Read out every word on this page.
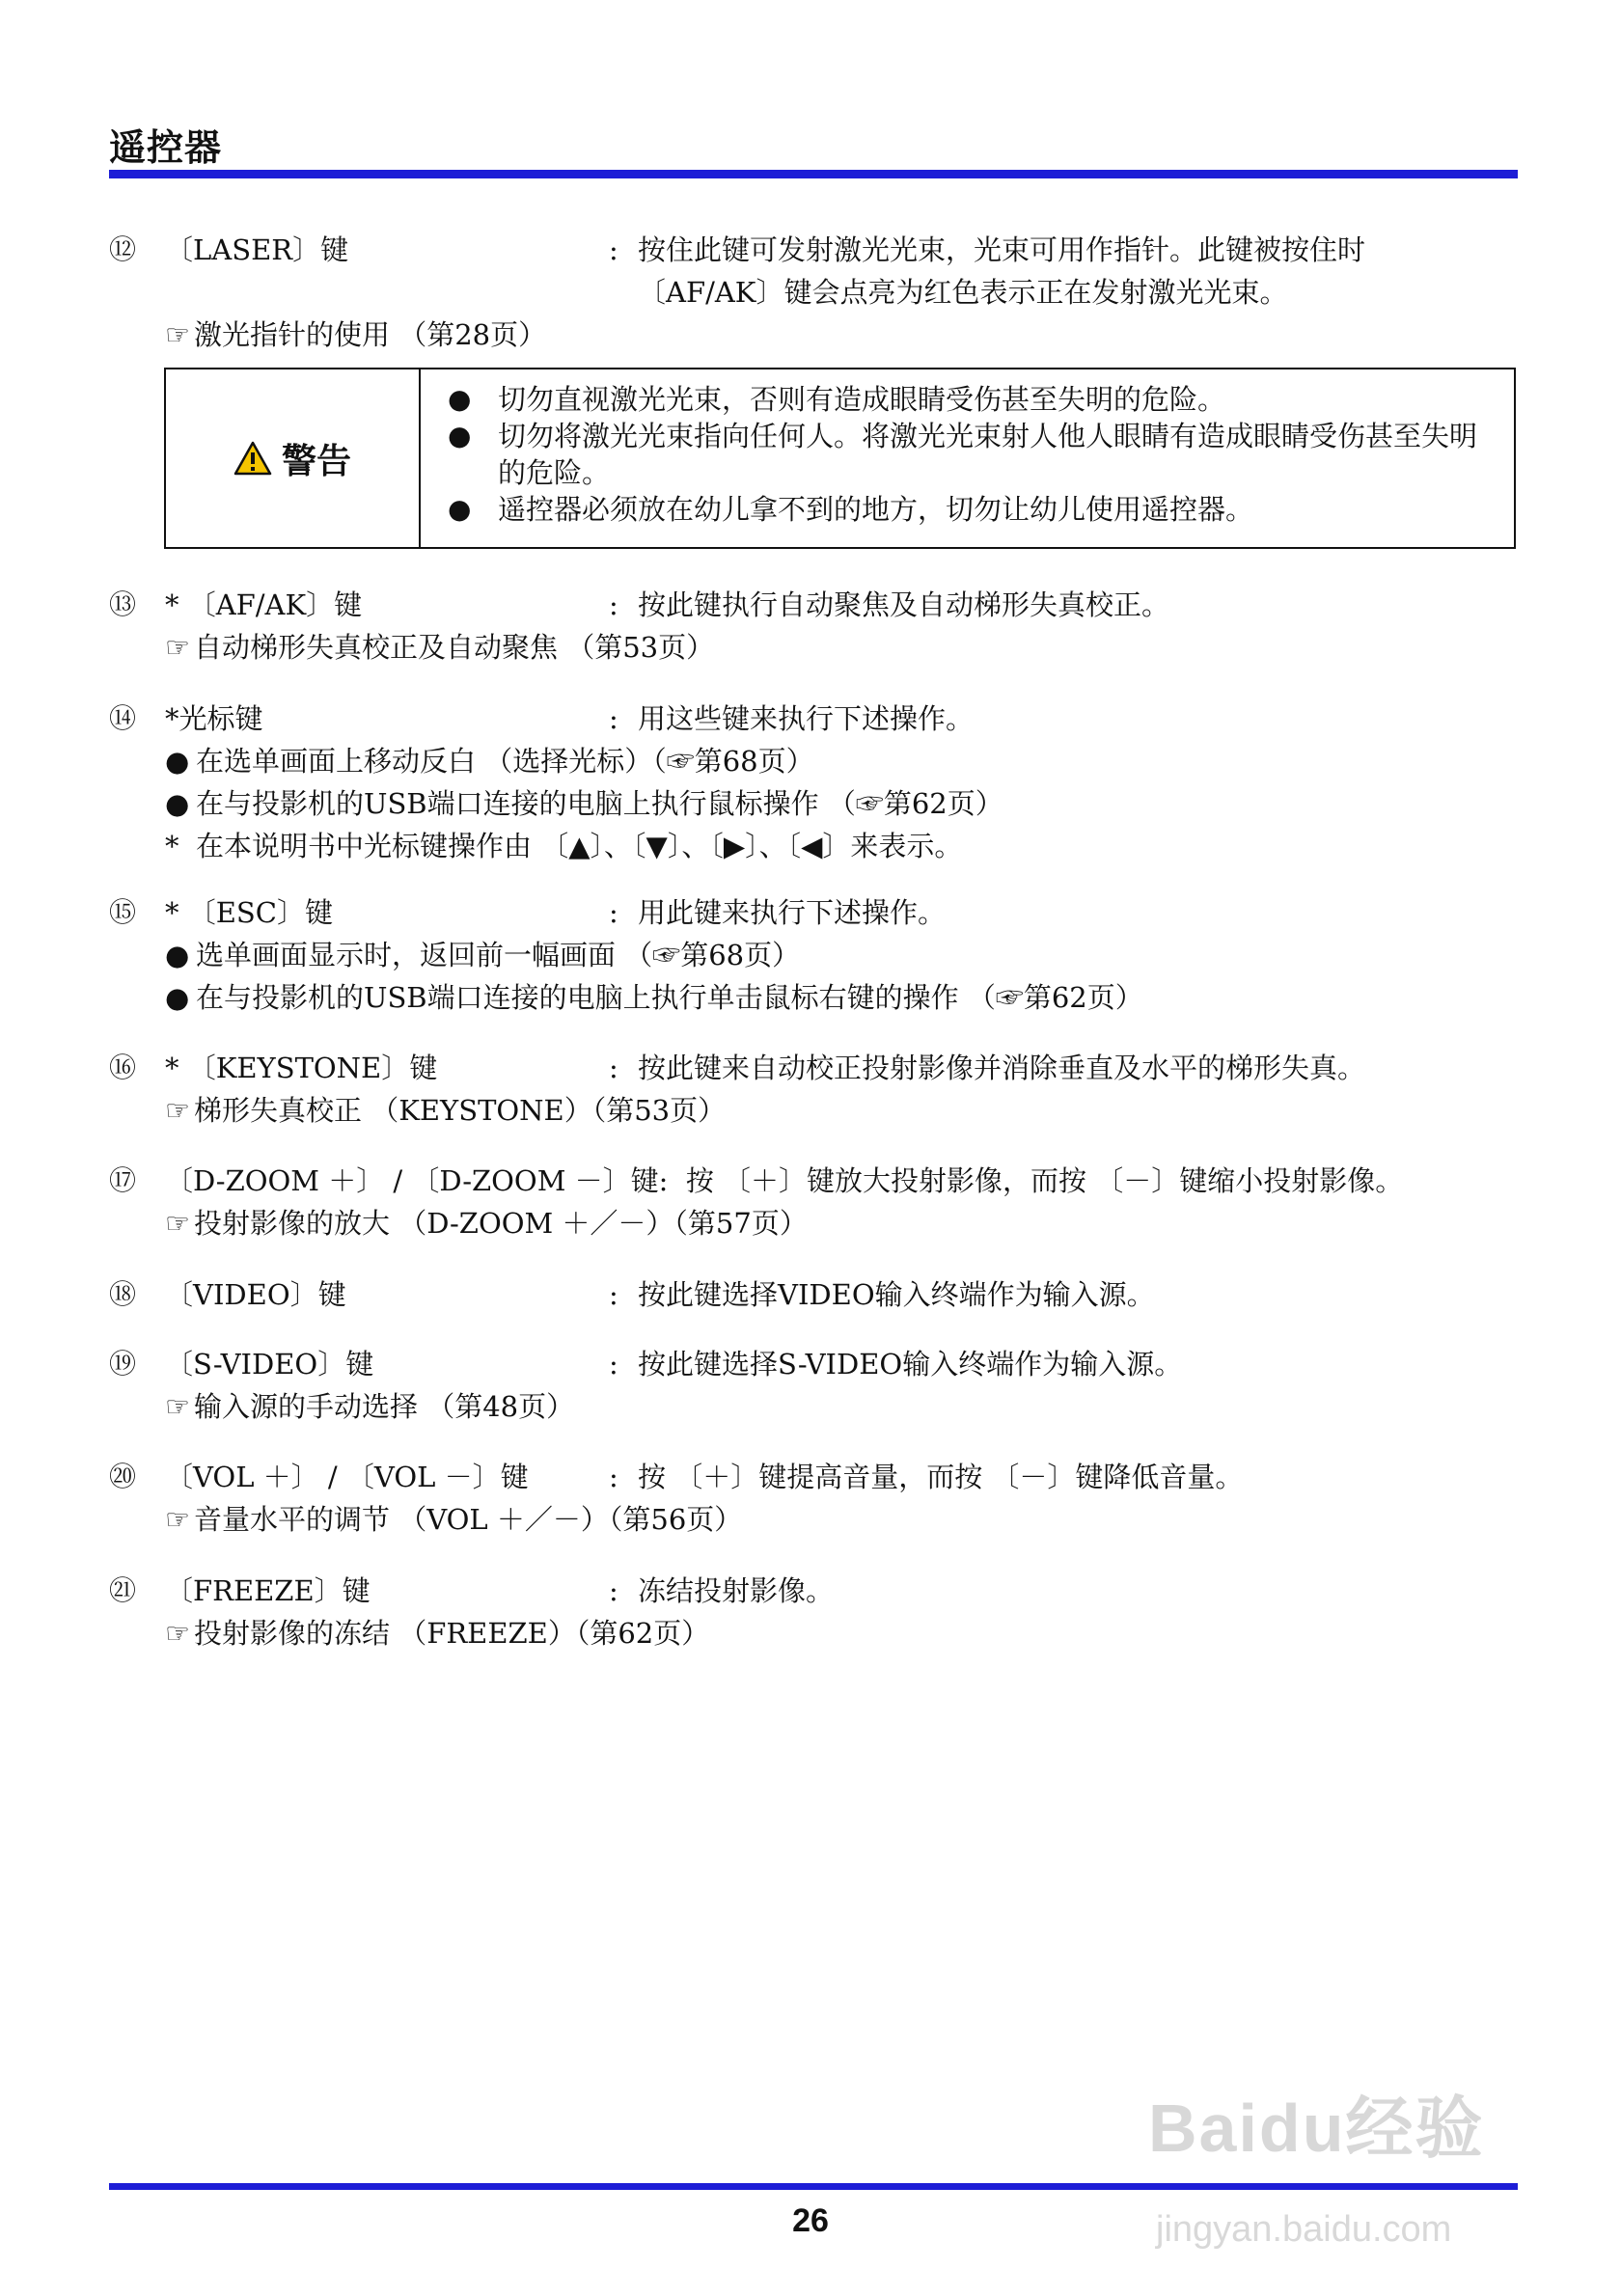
遥控器
⑫ 〔LASER〕键	: 按住此键可发射激光光束，光束可用作指针。此键被按住时
〔AF/AK〕键会点亮为红色表示正在发射激光光束。
☞ 激光指针的使用 （第28页）
警告
● 切勿直视激光光束，否则有造成眼睛受伤甚至失明的危险。
● 切勿将激光光束指向任何人。将激光光束射人他人眼睛有造成眼睛受伤甚至失明的危险。
● 遥控器必须放在幼儿拿不到的地方，切勿让幼儿使用遥控器。
⑬ * 〔AF/AK〕键	: 按此键执行自动聚焦及自动梯形失真校正。
☞ 自动梯形失真校正及自动聚焦 （第53页）
⑭ *光标键	: 用这些键来执行下述操作。
● 在选单画面上移动反白 （选择光标）（☞第68页）
● 在与投影机的USB端口连接的电脑上执行鼠标操作 （☞第62页）
* 在本说明书中光标键操作由 〔▲〕、〔▼〕、〔▶〕、〔◀〕来表示。
⑮ * 〔ESC〕键	: 用此键来执行下述操作。
● 选单画面显示时，返回前一幅画面 （☞第68页）
● 在与投影机的USB端口连接的电脑上执行单击鼠标右键的操作 （☞第62页）
⑯ * 〔KEYSTONE〕键	: 按此键来自动校正投射影像并消除垂直及水平的梯形失真。
☞ 梯形失真校正 （KEYSTONE）（第53页）
⑰ 〔D-ZOOM ＋〕 / 〔D-ZOOM －〕键:  按 〔＋〕键放大投射影像，而按 〔－〕键缩小投射影像。
☞ 投射影像的放大 （D-ZOOM ＋／－）（第57页）
⑱ 〔VIDEO〕键	: 按此键选择VIDEO输入终端作为输入源。
⑲ 〔S-VIDEO〕键	: 按此键选择S-VIDEO输入终端作为输入源。
☞ 输入源的手动选择 （第48页）
⑳ 〔VOL ＋〕 / 〔VOL －〕键	: 按 〔＋〕键提高音量，而按 〔－〕键降低音量。
☞ 音量水平的调节 （VOL ＋／－）（第56页）
㉑ 〔FREEZE〕键	: 冻结投射影像。
☞ 投射影像的冻结 （FREEZE）（第62页）
Baidu经验
jingyan.baidu.com
26
